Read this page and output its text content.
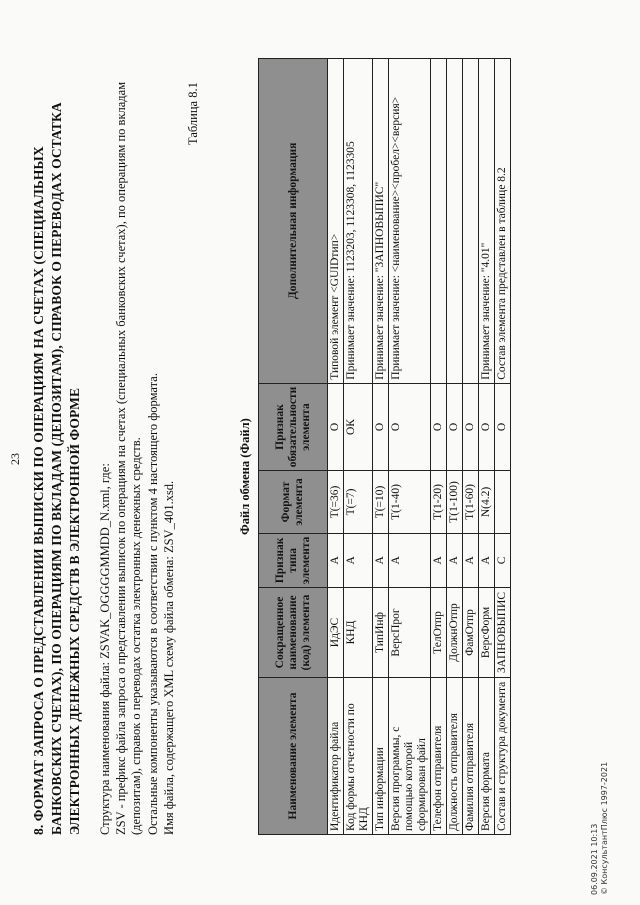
23 8. ФОРМАТ ЗАПРОСА О ПРЕДСТАВЛЕНИИ ВЫПИСКИ ПО ОПЕРАЦИЯМ НА СЧЕТАХ (СПЕЦИАЛЬНЫХ БАНКОВСКИХ СЧЕТАХ), ПО ОПЕРАЦИЯМ ПО ВКЛАДАМ (ДЕПОЗИТАМ), СПРАВОК О ПЕРЕВОДАХ ОСТАТКА ЭЛЕКТРОННЫХ ДЕНЕЖНЫХ СРЕДСТВ В ЭЛЕКТРОННОЙ ФОРМЕ Структура наименования файла: ZSVAK_OGGGGMMDD_N.xml, где: ZSV - префикс файла запроса о представлении выписок по операциям на счетах (специальных банковских счетах), по операциям по вкладам (депозитам), справок о переводах остатка электронных денежных средств. Остальные компоненты указываются в соответствии с пунктом 4 настоящего формата. Имя файла, содержащего XML схему файла обмена: ZSV_401.xsd.
Таблица 8.1
Файл обмена (Файл)
Наименование элемента	Сокращенное наименование (код) элемента	Признак типа элемента	Формат элемента	Признак обязательности элемента	Дополнительная информация
Идентификатор файла	ИдЭС	А	T(=36)	О	Типовой элемент <GUIDтип>
Код формы отчетности по КНД	КНД	А	T(=7)	ОК	Принимает значение: 1123203, 1123308, 1123305
Тип информации	ТипИнф	А	T(=10)	О	Принимает значение: "ЗАПНОВЫПИС"
Версия программы, с помощью которой сформирован файл	ВерсПрог	А	T(1-40)	О	Принимает значение: <наименование><пробел><версия>
Телефон отправителя	ТелОтпр	А	T(1-20)	О	
Должность отправителя	ДолжнОтпр	А	T(1-100)	О	
Фамилия отправителя	ФамОтпр	А	T(1-60)	О	
Версия формата	ВерсФорм	А	N(4.2)	О	Принимает значение: "4.01"
Состав и структура документа	ЗАПНОВЫПИС	С		О	Состав элемента представлен в таблице 8.2
06.09.2021 10:13 © КонсультантПлюс 1997-2021
